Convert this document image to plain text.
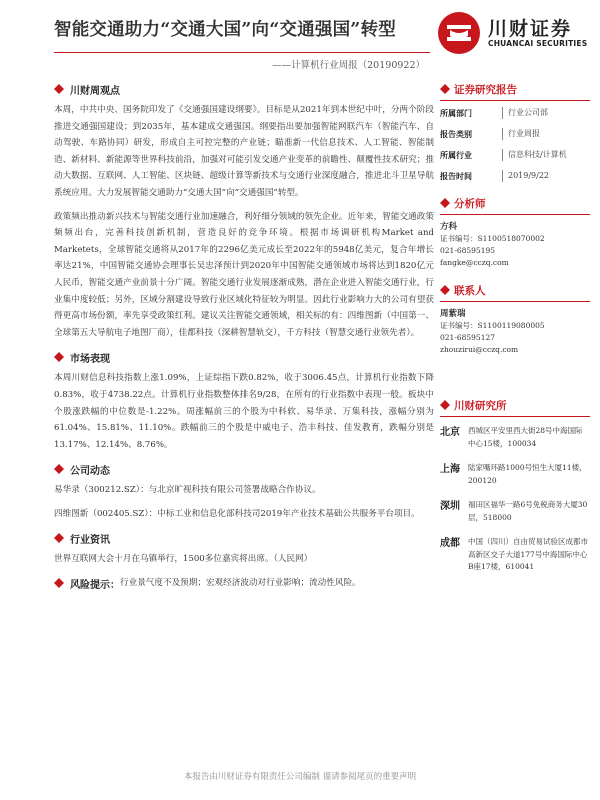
智能交通助力“交通大国”向“交通强国”转型
——计算机行业周报（20190922）
川财证券
CHUANCAI SECURITIES
川财周观点

本周，中共中央、国务院印发了《交通强国建设纲要》。目标是从2021年到本世纪中叶，分两个阶段推进交通强国建设；到2035年，基本建成交通强国。纲要指出要加强智能网联汽车（智能汽车、自动驾驶、车路协同）研发，形成自主可控完整的产业链；瞄准新一代信息技术、人工智能、智能制造、新材料、新能源等世界科技前沿，加强对可能引发交通产业变革的前瞻性、颠覆性技术研究；推动大数据、互联网、人工智能、区块链、超级计算等新技术与交通行业深度融合，推进北斗卫星导航系统应用。大力发展智能交通助力“交通大国”向“交通强国”转型。

政策频出推动新兴技术与智能交通行业加速融合，利好细分领域的领先企业。近年来，智能交通政策频频出台，完善科技创新机制，营造良好的竞争环境。根据市场调研机构Market and Marketets，全球智能交通将从2017年的2296亿美元成长至2022年的5948亿美元，复合年增长率达21%，中国智能交通协会理事长吴忠泽预计到2020年中国智能交通领域市场将达到1820亿元人民币，智能交通产业前景十分广阔。智能交通行业发展逐渐成熟，潜在企业进入智能交通行业，行业集中度较低；另外，区域分割建设导致行业区域化特征较为明显。因此行业影响力大的公司有望获得更高市场份额，率先享受政策红利。建议关注智能交通领域，相关标的有：四维图新（中国第一、全球第五大导航电子地图厂商），佳都科技（深耕智慧轨交），千方科技（智慧交通行业领先者）。

市场表现

本周川财信息科技指数上涨1.09%，上证综指下跌0.82%，收于3006.45点，计算机行业指数下降0.83%，收于4738.22点。计算机行业指数整体排名9/28，在所有的行业指数中表现一般。板块中个股涨跌幅的中位数是-1.22%。周涨幅前三的个股为中科软、易华录、万集科技，涨幅分别为61.04%、15.81%、11.10%。跌幅前三的个股是中威电子、浩丰科技、佳发教育，跌幅分别是13.17%、12.14%、8.76%。

公司动态

易华录（300212.SZ）：与北京旷视科技有限公司签署战略合作协议。

四维图新（002405.SZ）：中标工业和信息化部科技司2019年产业技术基础公共服务平台项目。

行业资讯

世界互联网大会十月在乌镇举行，1500多位嘉宾将出席。（人民网）

风险提示： 行业景气度不及预期；宏观经济波动对行业影响；流动性风险。
证券研究报告
所属部门	行业公司部
报告类别	行业周报
所属行业	信息科技/计算机
报告时间	2019/9/22
分析师
方科
证书编号：S1100518070002
021-68595195
fangke@cczq.com
联系人
周紫瑞
证书编号：S1100119080005
021-68595127
zhouzirui@cczq.com
川财研究所
北京	西城区平安里西大街28号中海国际中心15楼，100034
上海	陆家嘴环路1000号恒生大厦11楼，200120
深圳	福田区福华一路6号免税商务大厦30层，518000
成都	中国（四川）自由贸易试验区成都市高新区交子大道177号中海国际中心B座17楼，610041
本报告由川财证券有限责任公司编制 谨请参阅尾页的重要声明
